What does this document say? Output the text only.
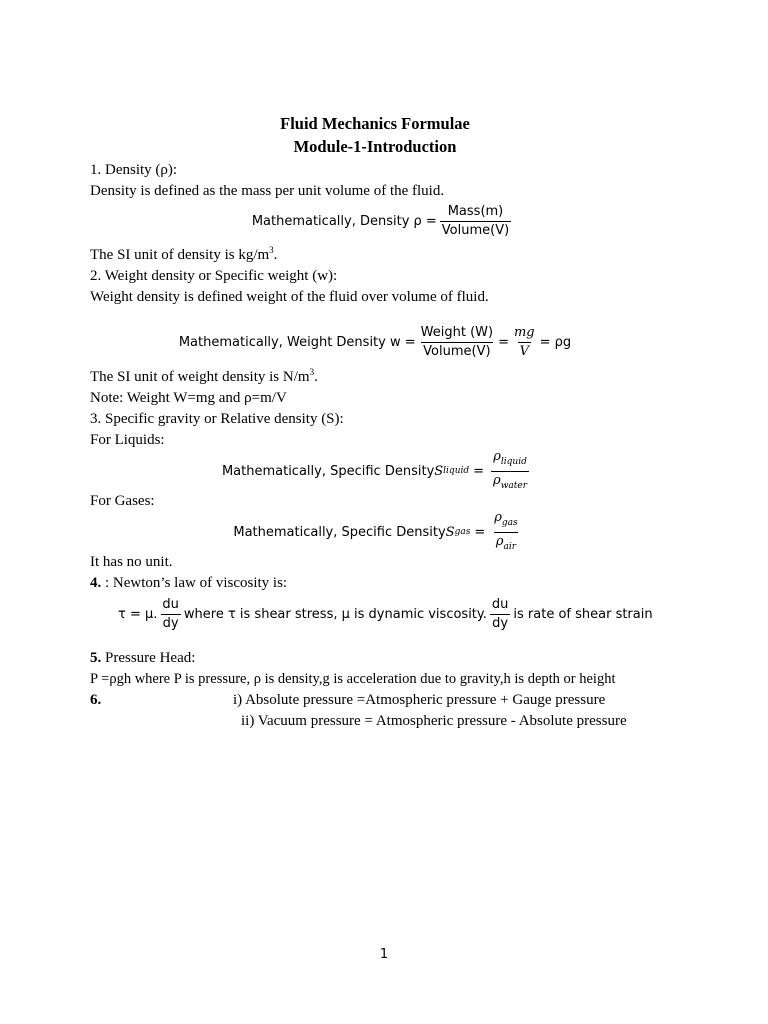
Fluid Mechanics Formulae
Module-1-Introduction
1. Density (ρ):
Density is defined as the mass per unit volume of the fluid.
Mathematically, Density $\rho = \frac{\text{Mass(m)}}{\text{Volume(V)}}$
The SI unit of density is $kg/m^3$.
2. Weight density or Specific weight (w):
Weight density is defined weight of the fluid over volume of fluid.
Mathematically, Weight Density $w = \frac{\text{Weight (W)}}{\text{Volume(V)}} = \frac{mg}{V} = \rho g$
The SI unit of weight density is $N/m^3$.
Note: Weight W=mg and ρ=m/V
3. Specific gravity or Relative density (S):
For Liquids:
Mathematically, Specific Density S liquid = $\frac{\rho_{liquid}}{\rho_{water}}$
For Gases:
Mathematically, Specific Density S gas = $\frac{\rho_{gas}}{\rho_{air}}$
It has no unit.
4. : Newton’s law of viscosity is:
τ = μ. $\frac{du}{dy}$ where τ is shear stress, μ is dynamic viscosity. $\frac{du}{dy}$ is rate of shear strain
5. Pressure Head:
P =ρgh where P is pressure, ρ is density,g is acceleration due to gravity,h is depth or height
6.	i) Absolute pressure =Atmospheric pressure + Gauge pressure
ii) Vacuum pressure = Atmospheric pressure - Absolute pressure
1
